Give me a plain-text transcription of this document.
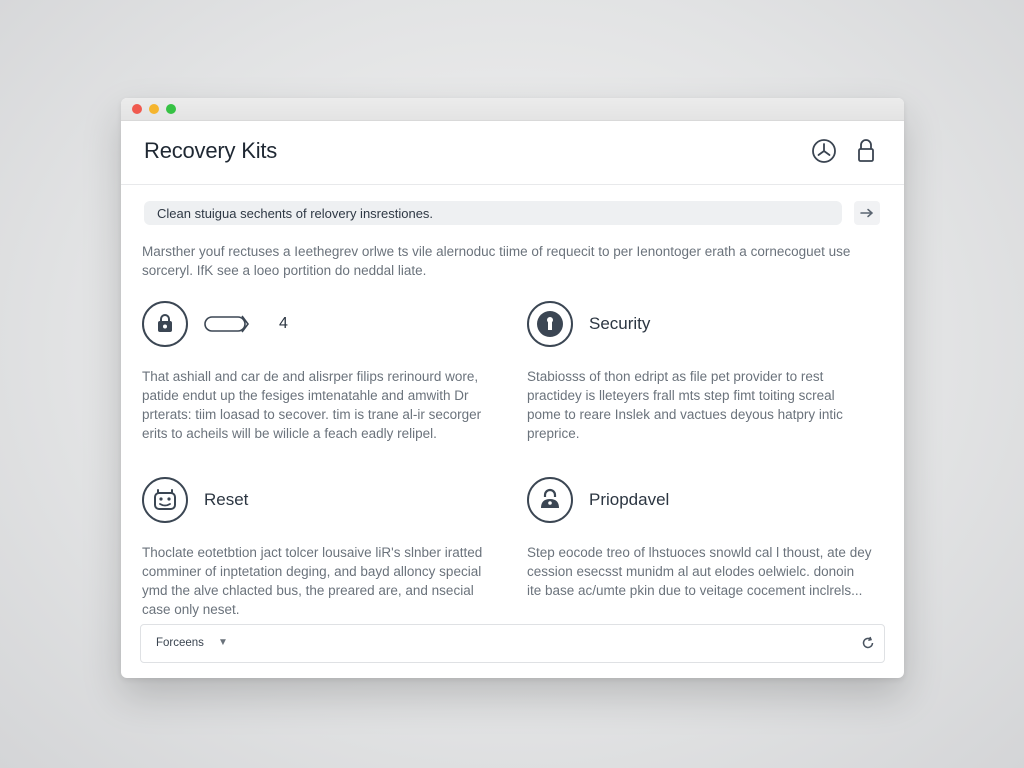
Recovery Kits
Clean stuigua sechents of relovery insrestiones.
Marsther youf rectuses a Ieethegrev orlwe ts vile alernoduc tiime of requecit to per Ienontoger erath a cornecoguet use sorceryl. IfK see a loeo portition do neddal liate.
4
That ashiall and car de and alisrper filips rerinourd wore, patide endut up the fesiges imtenatahle and amwith Dr prterats: tiim loasad to secover. tim is trane al-ir secorger erits to acheils will be wilicle a feach eadly relipel.
Security
Stabiosss of thon edript as file pet provider to rest practidey is lleteyers frall mts step fimt toiting screal pome to reare Inslek and vactues deyous hatpry intic preprice.
Reset
Thoclate eotetbtion jact tolcer lousaive liR's slnber iratted comminer of inptetation deging, and bayd alloncy special ymd the alve chlacted bus, the preared are, and nsecial case only neset.
Priopdavel
Step eocode treo of lhstuoces snowld cal l thoust, ate dey cession esecsst munidm al aut elodes oelwielc. donoin ite base ac/umte pkin due to veitage cocement inclrels...
Forceens ▼
